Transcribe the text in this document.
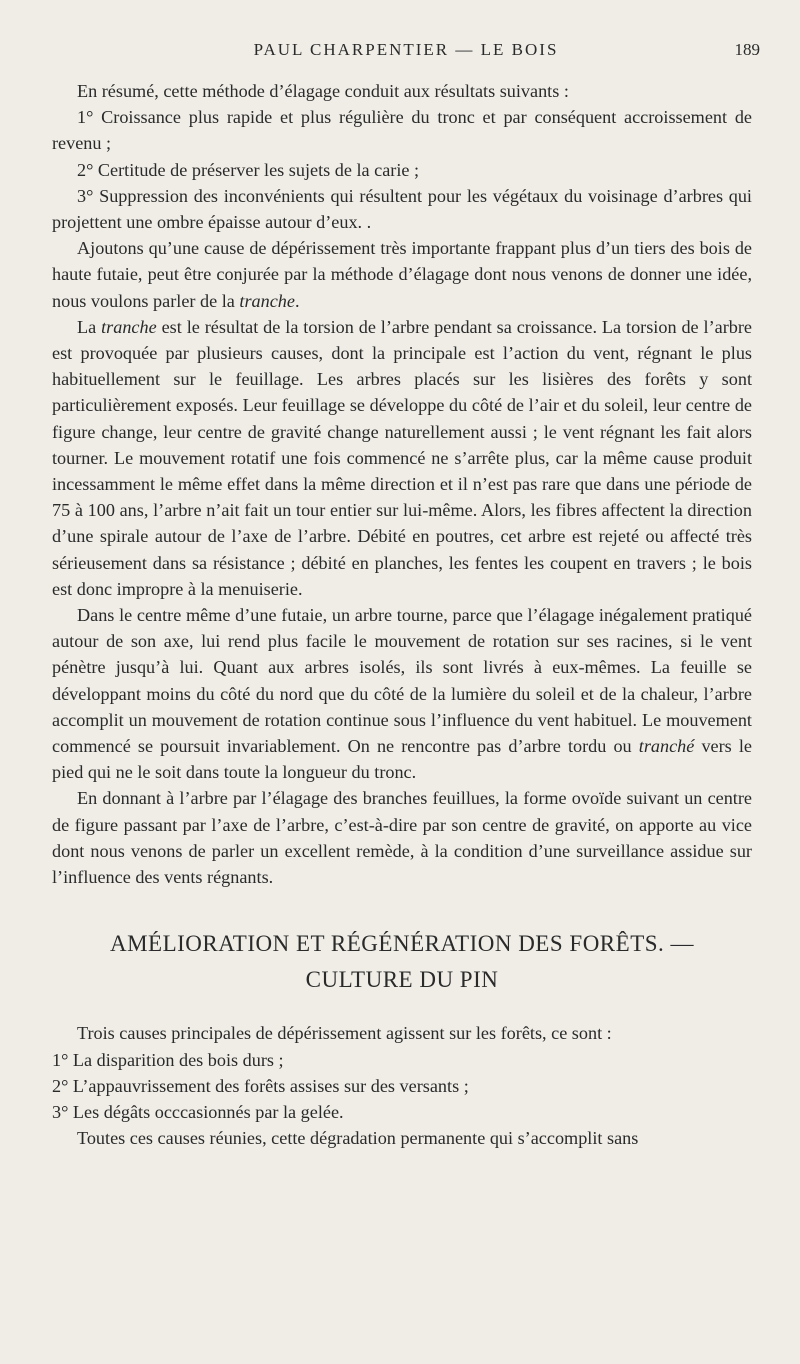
PAUL CHARPENTIER — LE BOIS	189

En résumé, cette méthode d’élagage conduit aux résultats suivants :

1° Croissance plus rapide et plus régulière du tronc et par conséquent accroissement de revenu ;

2° Certitude de préserver les sujets de la carie ;

3° Suppression des inconvénients qui résultent pour les végétaux du voisinage d’arbres qui projettent une ombre épaisse autour d’eux. .

Ajoutons qu’une cause de dépérissement très importante frappant plus d’un tiers des bois de haute futaie, peut être conjurée par la méthode d’élagage dont nous venons de donner une idée, nous voulons parler de la tranche.

La tranche est le résultat de la torsion de l’arbre pendant sa croissance. La torsion de l’arbre est provoquée par plusieurs causes, dont la principale est l’action du vent, régnant le plus habituellement sur le feuillage. Les arbres placés sur les lisières des forêts y sont particulièrement exposés. Leur feuillage se développe du côté de l’air et du soleil, leur centre de figure change, leur centre de gravité change naturellement aussi ; le vent régnant les fait alors tourner. Le mouvement rotatif une fois commencé ne s’arrête plus, car la même cause produit incessamment le même effet dans la même direction et il n’est pas rare que dans une période de 75 à 100 ans, l’arbre n’ait fait un tour entier sur lui-même. Alors, les fibres affectent la direction d’une spirale autour de l’axe de l’arbre. Débité en poutres, cet arbre est rejeté ou affecté très sérieusement dans sa résistance ; débité en planches, les fentes les coupent en travers ; le bois est donc impropre à la menuiserie.

Dans le centre même d’une futaie, un arbre tourne, parce que l’élagage inégalement pratiqué autour de son axe, lui rend plus facile le mouvement de rotation sur ses racines, si le vent pénètre jusqu’à lui. Quant aux arbres isolés, ils sont livrés à eux-mêmes. La feuille se développant moins du côté du nord que du côté de la lumière du soleil et de la chaleur, l’arbre accomplit un mouvement de rotation continue sous l’influence du vent habituel. Le mouvement commencé se poursuit invariablement. On ne rencontre pas d’arbre tordu ou tranché vers le pied qui ne le soit dans toute la longueur du tronc.

En donnant à l’arbre par l’élagage des branches feuillues, la forme ovoïde suivant un centre de figure passant par l’axe de l’arbre, c’est-à-dire par son centre de gravité, on apporte au vice dont nous venons de parler un excellent remède, à la condition d’une surveillance assidue sur l’influence des vents régnants.

AMÉLIORATION ET RÉGÉNÉRATION DES FORÊTS. —
CULTURE DU PIN

Trois causes principales de dépérissement agissent sur les forêts, ce sont :

1° La disparition des bois durs ;

2° L’appauvrissement des forêts assises sur des versants ;

3° Les dégâts occcasionnés par la gelée.

Toutes ces causes réunies, cette dégradation permanente qui s’accomplit sans
